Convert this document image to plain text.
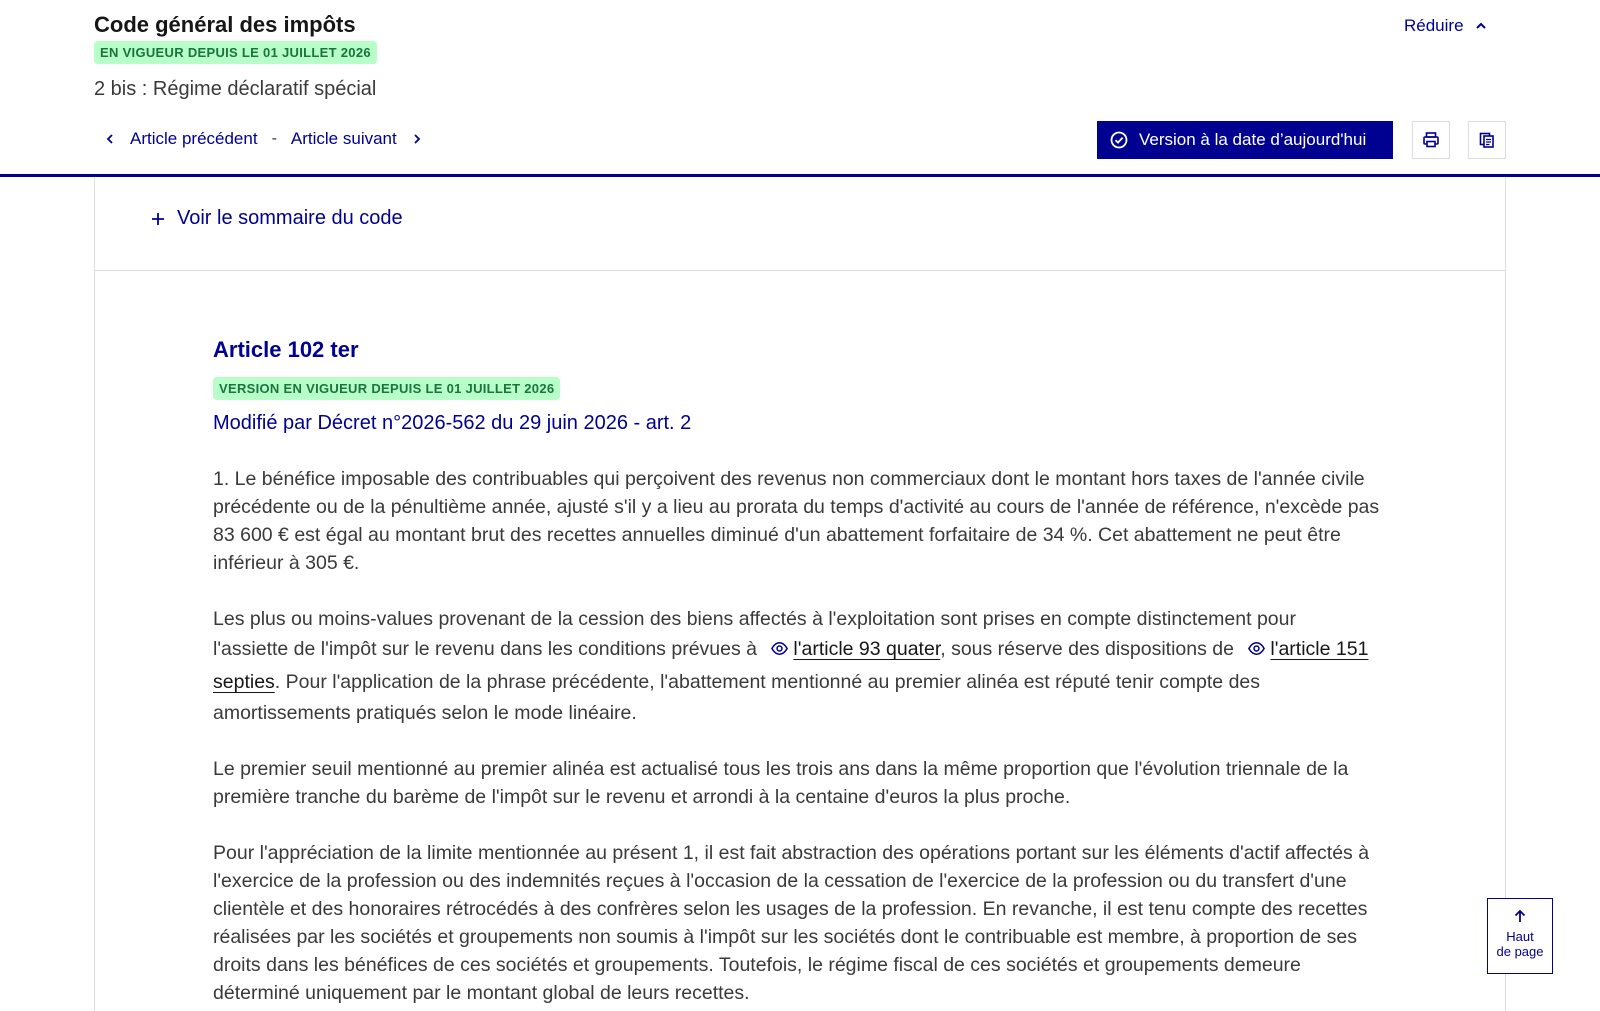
Code général des impôts
EN VIGUEUR DEPUIS LE 01 JUILLET 2026
2 bis : Régime déclaratif spécial
Réduire
Article précédent - Article suivant	Version à la date d’aujourd'hui
Voir le sommaire du code
Article 102 ter
VERSION EN VIGUEUR DEPUIS LE 01 JUILLET 2026
Modifié par Décret n°2026-562 du 29 juin 2026 - art. 2

1. Le bénéfice imposable des contribuables qui perçoivent des revenus non commerciaux dont le montant hors taxes de l'année civile précédente ou de la pénultième année, ajusté s'il y a lieu au prorata du temps d'activité au cours de l'année de référence, n'excède pas 83 600 € est égal au montant brut des recettes annuelles diminué d'un abattement forfaitaire de 34 %. Cet abattement ne peut être inférieur à 305 €.

Les plus ou moins-values provenant de la cession des biens affectés à l'exploitation sont prises en compte distinctement pour
l'assiette de l'impôt sur le revenu dans les conditions prévues à l'article 93 quater, sous réserve des dispositions de l'article 151 septies. Pour l'application de la phrase précédente, l'abattement mentionné au premier alinéa est réputé tenir compte des amortissements pratiqués selon le mode linéaire.

Le premier seuil mentionné au premier alinéa est actualisé tous les trois ans dans la même proportion que l'évolution triennale de la première tranche du barème de l'impôt sur le revenu et arrondi à la centaine d'euros la plus proche.

Pour l'appréciation de la limite mentionnée au présent 1, il est fait abstraction des opérations portant sur les éléments d'actif affectés à l'exercice de la profession ou des indemnités reçues à l'occasion de la cessation de l'exercice de la profession ou du transfert d'une clientèle et des honoraires rétrocédés à des confrères selon les usages de la profession. En revanche, il est tenu compte des recettes réalisées par les sociétés et groupements non soumis à l'impôt sur les sociétés dont le contribuable est membre, à proportion de ses droits dans les bénéfices de ces sociétés et groupements. Toutefois, le régime fiscal de ces sociétés et groupements demeure déterminé uniquement par le montant global de leurs recettes.

Haut
de page
